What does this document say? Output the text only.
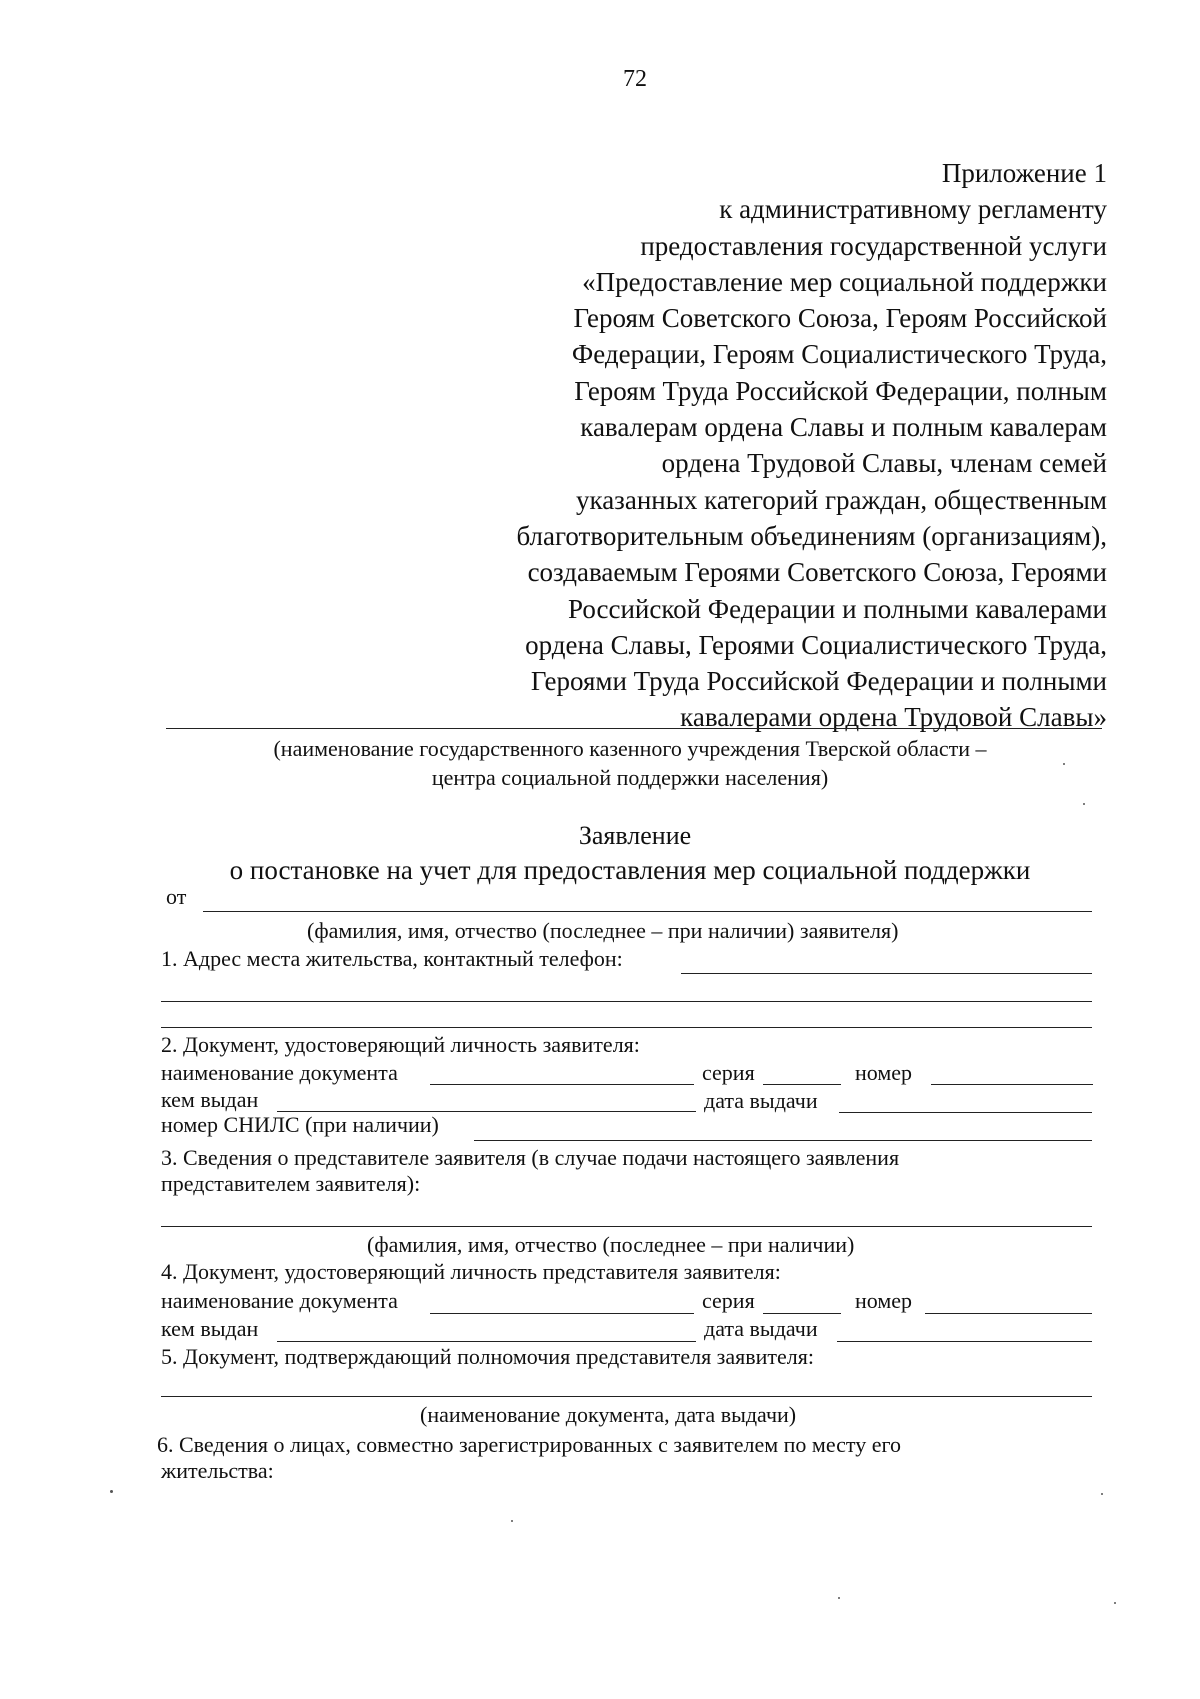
72
Приложение 1
к административному регламенту
предоставления государственной услуги
«Предоставление мер социальной поддержки
Героям Советского Союза, Героям Российской
Федерации, Героям Социалистического Труда,
Героям Труда Российской Федерации, полным
кавалерам ордена Славы и полным кавалерам
ордена Трудовой Славы, членам семей
указанных категорий граждан, общественным
благотворительным объединениям (организациям),
создаваемым Героями Советского Союза, Героями
Российской Федерации и полными кавалерами
ордена Славы, Героями Социалистического Труда,
Героями Труда Российской Федерации и полными
кавалерами ордена Трудовой Славы»
(наименование государственного казенного учреждения Тверской области –
центра социальной поддержки населения)
Заявление
о постановке на учет для предоставления мер социальной поддержки
от
(фамилия, имя, отчество (последнее – при наличии) заявителя)
1. Адрес места жительства, контактный телефон:
2. Документ, удостоверяющий личность заявителя:
наименование документа	серия	номер
кем выдан	дата выдачи
номер СНИЛС (при наличии)
3. Сведения о представителе заявителя (в случае подачи настоящего заявления
представителем заявителя):
(фамилия, имя, отчество (последнее – при наличии)
4. Документ, удостоверяющий личность представителя заявителя:
наименование документа	серия	номер
кем выдан	дата выдачи
5. Документ, подтверждающий полномочия представителя заявителя:
(наименование документа, дата выдачи)
6. Сведения о лицах, совместно зарегистрированных с заявителем по месту его
жительства:
